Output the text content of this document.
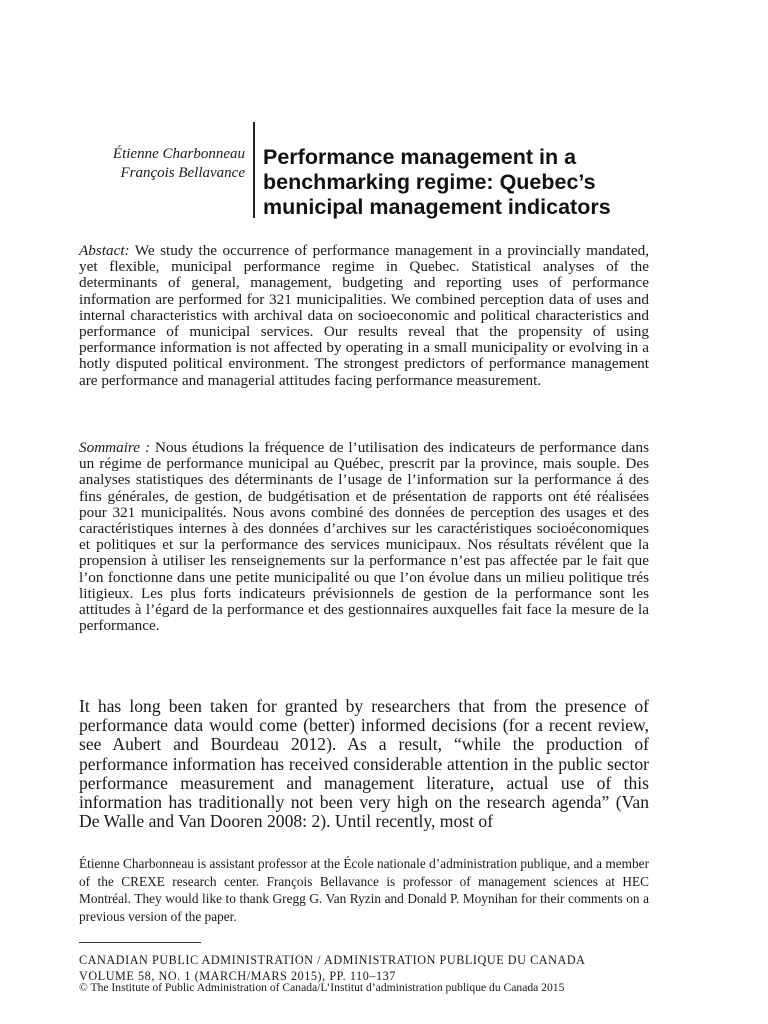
Étienne Charbonneau
François Bellavance
Performance management in a
benchmarking regime: Quebec’s
municipal management indicators

Abstact: We study the occurrence of performance management in a provincially mandated, yet flexible, municipal performance regime in Quebec. Statistical analyses of the determinants of general, management, budgeting and reporting uses of performance information are performed for 321 municipalities. We combined perception data of uses and internal characteristics with archival data on socioeconomic and political characteristics and performance of municipal services. Our results reveal that the propensity of using performance information is not affected by operating in a small municipality or evolving in a hotly disputed political environment. The strongest predictors of performance management are performance and managerial attitudes facing performance measurement.

Sommaire : Nous étudions la fréquence de l’utilisation des indicateurs de performance dans un régime de performance municipal au Québec, prescrit par la province, mais souple. Des analyses statistiques des déterminants de l’usage de l’information sur la performance á des fins générales, de gestion, de budgétisation et de présentation de rapports ont été réalisées pour 321 municipalités. Nous avons combiné des données de perception des usages et des caractéristiques internes à des données d’archives sur les caractéristiques socioéconomiques et politiques et sur la performance des services municipaux. Nos résultats révélent que la propension à utiliser les renseignements sur la performance n’est pas affectée par le fait que l’on fonctionne dans une petite municipalité ou que l’on évolue dans un milieu politique trés litigieux. Les plus forts indicateurs prévisionnels de gestion de la performance sont les attitudes à l’égard de la performance et des gestionnaires auxquelles fait face la mesure de la performance.

It has long been taken for granted by researchers that from the presence of performance data would come (better) informed decisions (for a recent review, see Aubert and Bourdeau 2012). As a result, “while the production of performance information has received considerable attention in the public sector performance measurement and management literature, actual use of this information has traditionally not been very high on the research agenda” (Van De Walle and Van Dooren 2008: 2). Until recently, most of

Étienne Charbonneau is assistant professor at the École nationale d’administration publique, and a member of the CREXE research center. François Bellavance is professor of management sciences at HEC Montréal. They would like to thank Gregg G. Van Ryzin and Donald P. Moynihan for their comments on a previous version of the paper.

CANADIAN PUBLIC ADMINISTRATION / ADMINISTRATION PUBLIQUE DU CANADA
VOLUME 58, NO. 1 (MARCH/MARS 2015), PP. 110–137
© The Institute of Public Administration of Canada/L’Institut d’administration publique du Canada 2015
